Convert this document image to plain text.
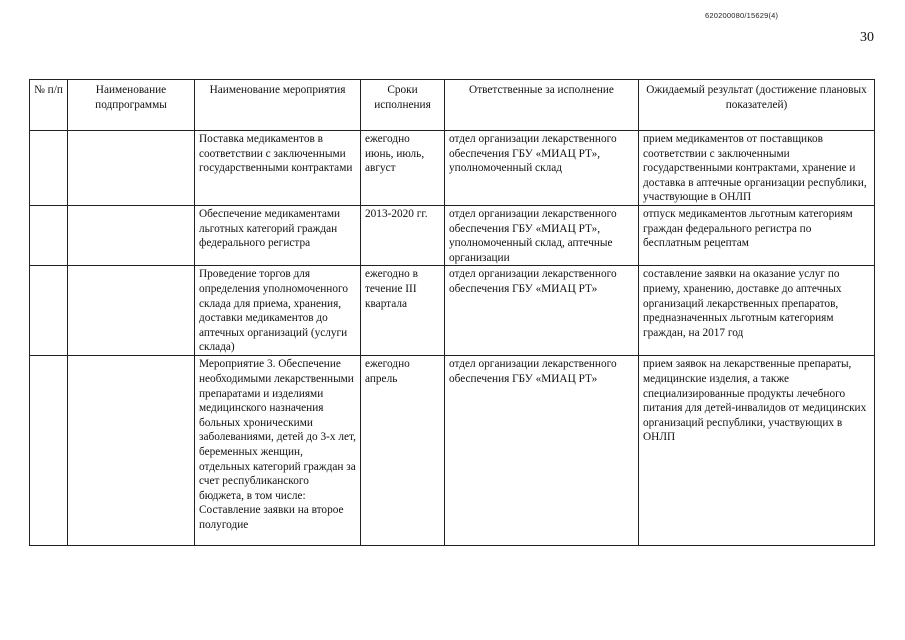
620200080/15629(4)
30
№ п/п	Наименование подпрограммы	Наименование мероприятия	Сроки исполнения	Ответственные за исполнение	Ожидаемый результат (достижение плановых показателей)
		Поставка медикаментов в соответствии с заключенными государственными контрактами	ежегодно июнь, июль, август	отдел организации лекарственного обеспечения ГБУ «МИАЦ РТ», уполномоченный склад	прием медикаментов от поставщиков соответствии с заключенными государственными контрактами, хранение и доставка в аптечные организации республики, участвующие в ОНЛП
		Обеспечение медикаментами льготных категорий граждан федерального регистра	2013-2020 гг.	отдел организации лекарственного обеспечения ГБУ «МИАЦ РТ», уполномоченный склад, аптечные организации	отпуск медикаментов льготным категориям граждан федерального регистра по бесплатным рецептам
		Проведение торгов для определения уполномоченного склада для приема, хранения, доставки медикаментов до аптечных организаций (услуги склада)	ежегодно в течение III квартала	отдел организации лекарственного обеспечения ГБУ «МИАЦ РТ»	составление заявки на оказание услуг по приему, хранению, доставке до аптечных организаций лекарственных препаратов, предназначенных льготным категориям граждан, на 2017 год
		Мероприятие 3. Обеспечение необходимыми лекарственными препаратами и изделиями медицинского назначения больных хроническими заболеваниями, детей до 3-х лет, беременных женщин, отдельных категорий граждан за счет республиканского бюджета, в том числе: Составление заявки на второе полугодие	ежегодно апрель	отдел организации лекарственного обеспечения ГБУ «МИАЦ РТ»	прием заявок на лекарственные препараты, медицинские изделия, а также специализированные продукты лечебного питания для детей-инвалидов от медицинских организаций республики, участвующих в ОНЛП
